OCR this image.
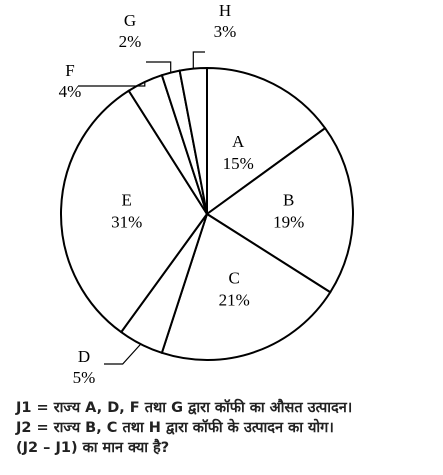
A
15%
B
19%
C
21%
D
5%
E
31%
F
4%
G
2%
H
3%
J1 = राज्य A, D, F तथा G द्वारा कॉफी का औसत उत्पादन।
J2 = राज्य B, C तथा H द्वारा कॉफी के उत्पादन का योग।
(J2 – J1) का मान क्या है?
